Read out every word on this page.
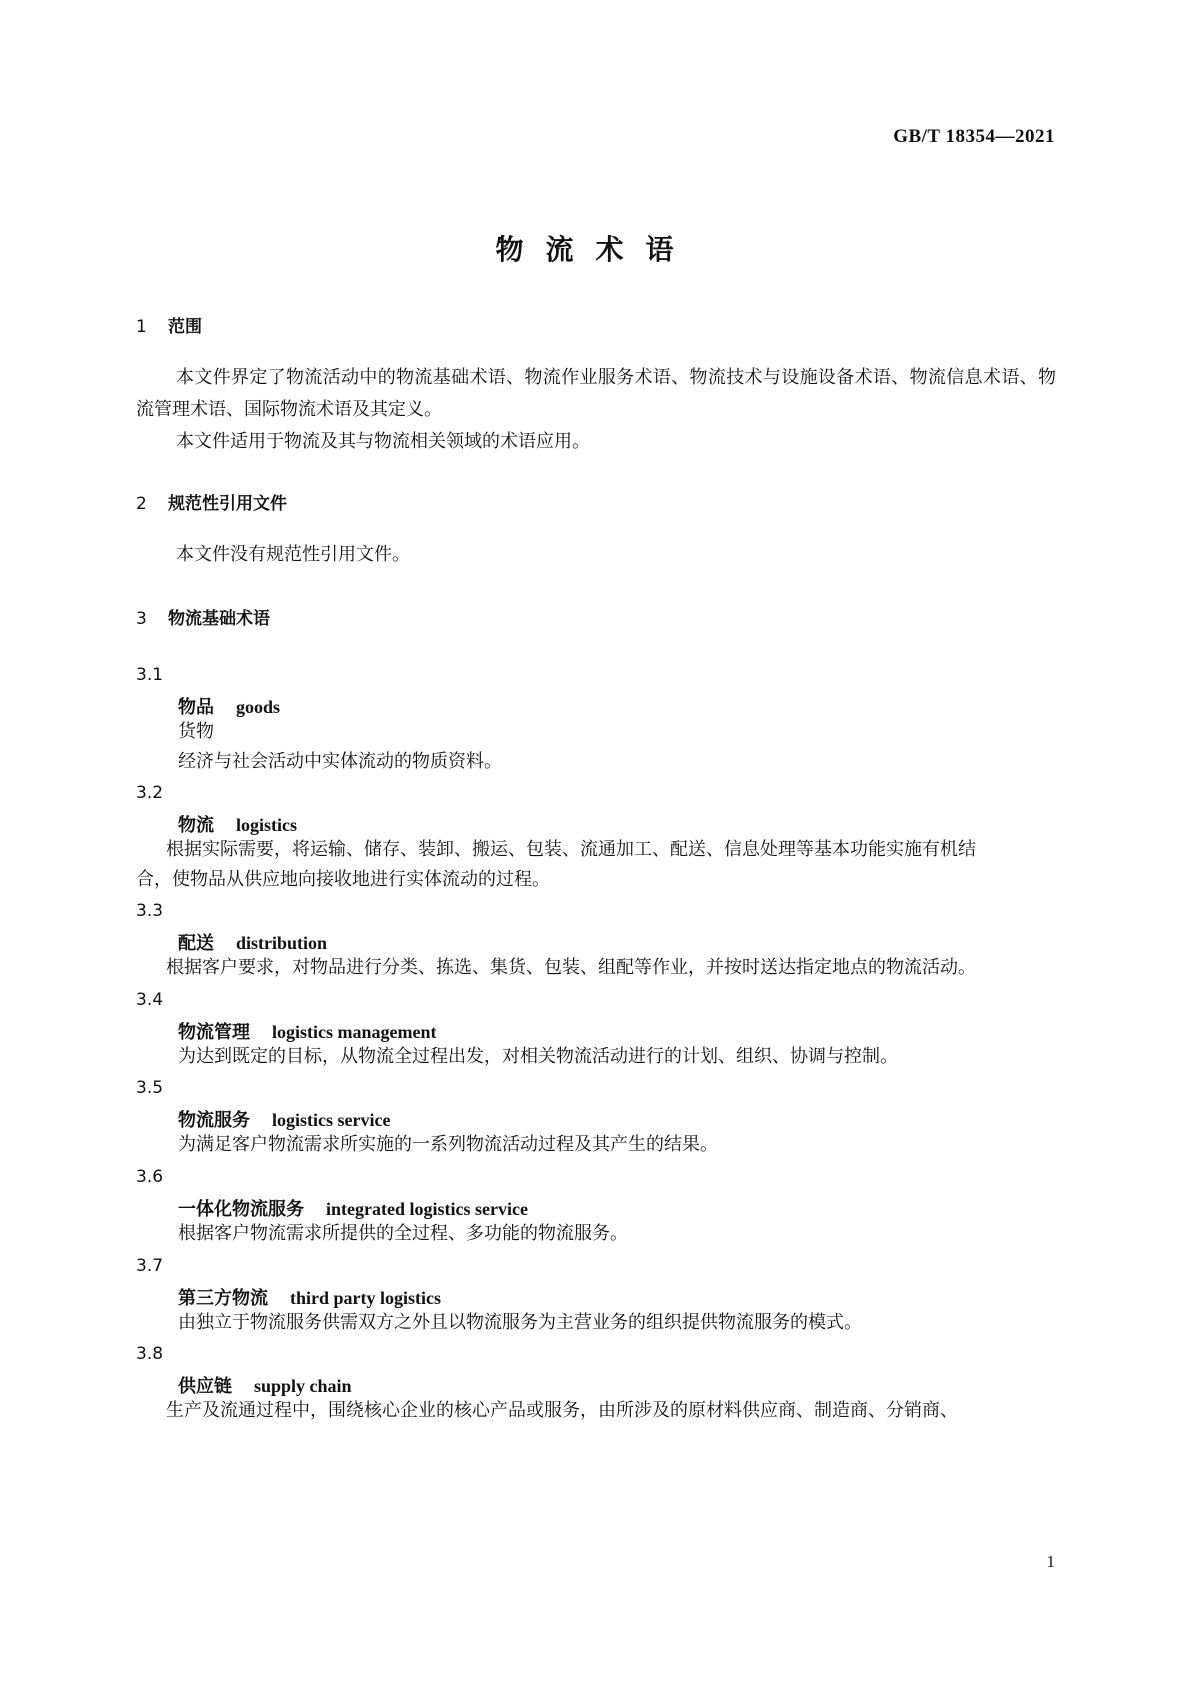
GB/T 18354—2021
物流术语
1 范围
本文件界定了物流活动中的物流基础术语、物流作业服务术语、物流技术与设施设备术语、物流信息术语、物流管理术语、国际物流术语及其定义。
本文件适用于物流及其与物流相关领域的术语应用。
2 规范性引用文件
本文件没有规范性引用文件。
3 物流基础术语
3.1
物品 goods
货物
经济与社会活动中实体流动的物质资料。
3.2
物流 logistics
根据实际需要，将运输、储存、装卸、搬运、包装、流通加工、配送、信息处理等基本功能实施有机结
合，使物品从供应地向接收地进行实体流动的过程。
3.3
配送 distribution
根据客户要求，对物品进行分类、拣选、集货、包装、组配等作业，并按时送达指定地点的物流活动。
3.4
物流管理 logistics management
为达到既定的目标，从物流全过程出发，对相关物流活动进行的计划、组织、协调与控制。
3.5
物流服务 logistics service
为满足客户物流需求所实施的一系列物流活动过程及其产生的结果。
3.6
一体化物流服务 integrated logistics service
根据客户物流需求所提供的全过程、多功能的物流服务。
3.7
第三方物流 third party logistics
由独立于物流服务供需双方之外且以物流服务为主营业务的组织提供物流服务的模式。
3.8
供应链 supply chain
生产及流通过程中，围绕核心企业的核心产品或服务，由所涉及的原材料供应商、制造商、分销商、
1
